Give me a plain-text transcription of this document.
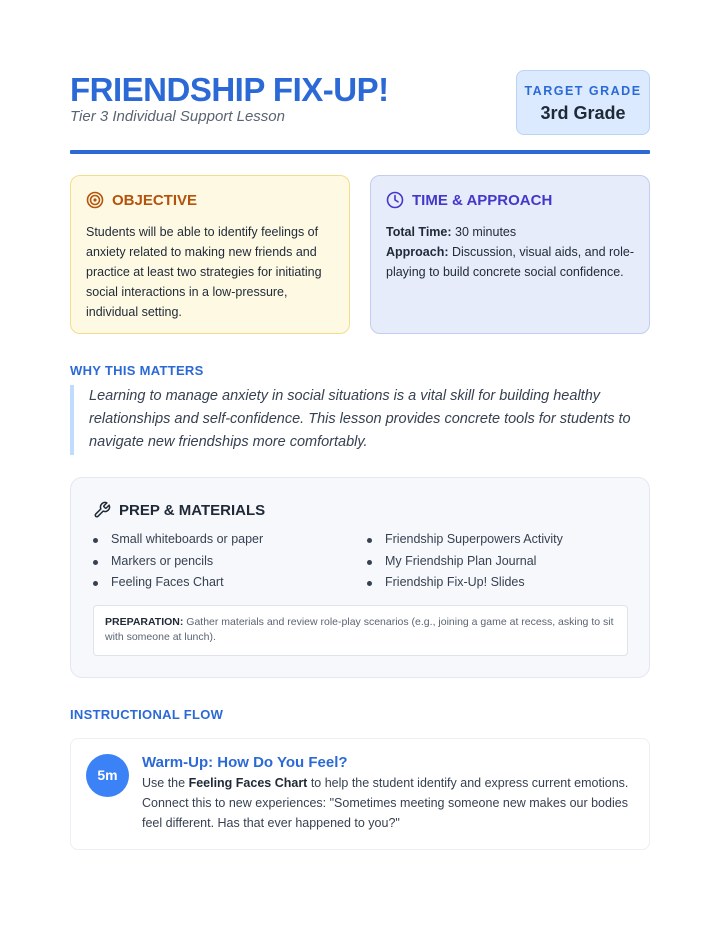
FRIENDSHIP FIX-UP!
Tier 3 Individual Support Lesson
TARGET GRADE
3rd Grade
OBJECTIVE
Students will be able to identify feelings of anxiety related to making new friends and practice at least two strategies for initiating social interactions in a low-pressure, individual setting.
TIME & APPROACH
Total Time: 30 minutes
Approach: Discussion, visual aids, and role-playing to build concrete social confidence.
WHY THIS MATTERS
Learning to manage anxiety in social situations is a vital skill for building healthy relationships and self-confidence. This lesson provides concrete tools for students to navigate new friendships more comfortably.
PREP & MATERIALS
Small whiteboards or paper
Markers or pencils
Feeling Faces Chart
Friendship Superpowers Activity
My Friendship Plan Journal
Friendship Fix-Up! Slides
PREPARATION: Gather materials and review role-play scenarios (e.g., joining a game at recess, asking to sit with someone at lunch).
INSTRUCTIONAL FLOW
5m
Warm-Up: How Do You Feel?
Use the Feeling Faces Chart to help the student identify and express current emotions. Connect this to new experiences: "Sometimes meeting someone new makes our bodies feel different. Has that ever happened to you?"
